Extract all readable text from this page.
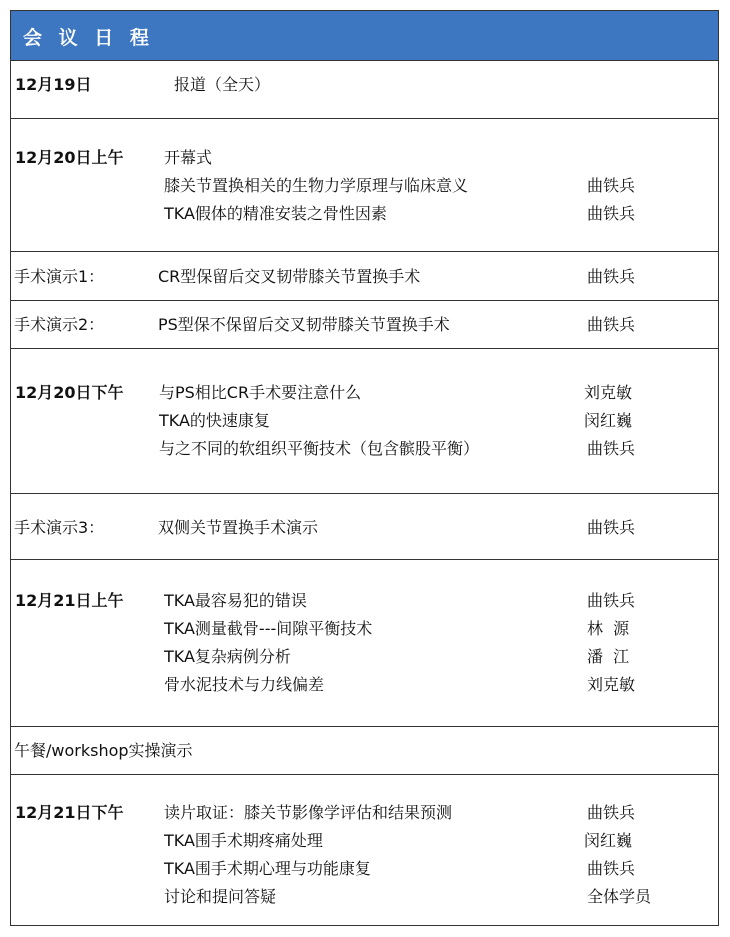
会 议 日 程
12月19日	报道（全天）
12月20日上午	开幕式
膝关节置换相关的生物力学原理与临床意义	曲铁兵
TKA假体的精准安装之骨性因素	曲铁兵
手术演示1：	CR型保留后交叉韧带膝关节置换手术	曲铁兵
手术演示2：	PS型保不保留后交叉韧带膝关节置换手术	曲铁兵
12月20日下午 与PS相比CR手术要注意什么	刘克敏
TKA的快速康复	闵红巍
与之不同的软组织平衡技术（包含髌股平衡）	曲铁兵
手术演示3：	双侧关节置换手术演示	曲铁兵
12月21日上午	TKA最容易犯的错误	曲铁兵
TKA测量截骨---间隙平衡技术	林  源
TKA复杂病例分析	潘  江
骨水泥技术与力线偏差	刘克敏
午餐/workshop实操演示
12月21日下午	读片取证：膝关节影像学评估和结果预测	曲铁兵
TKA围手术期疼痛处理	闵红巍
TKA围手术期心理与功能康复	曲铁兵
讨论和提问答疑	全体学员
